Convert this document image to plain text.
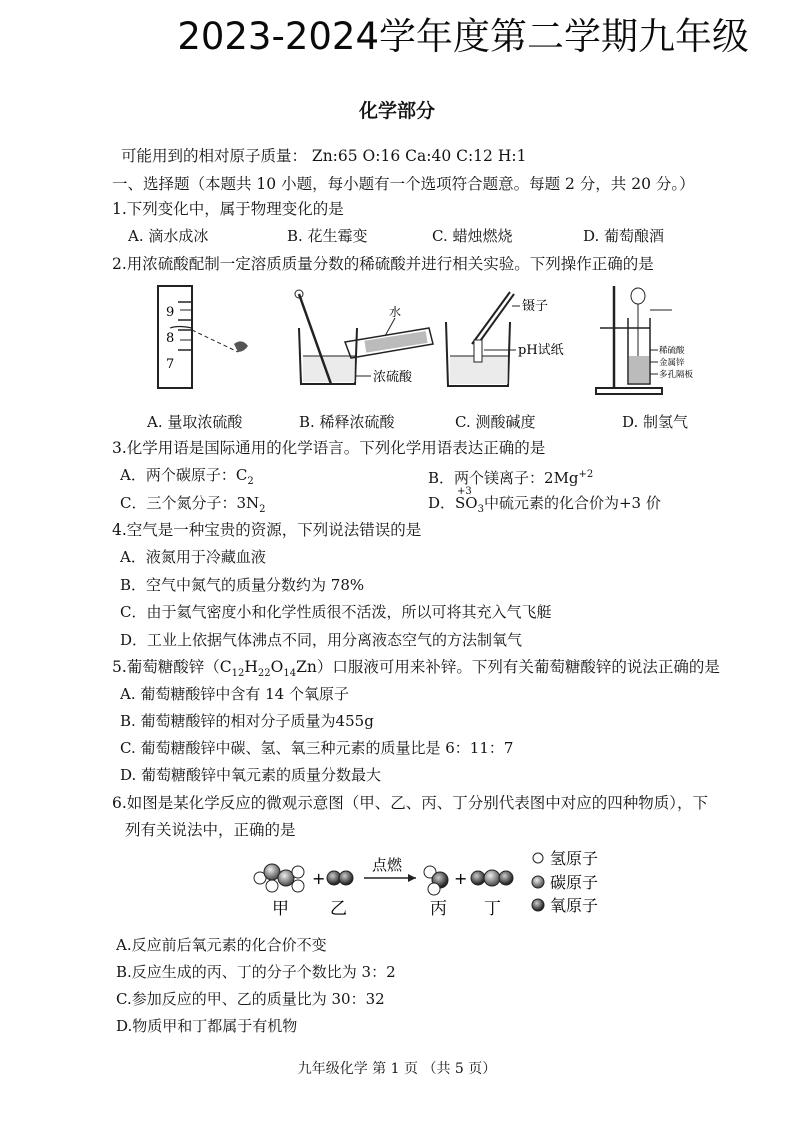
2023-2024学年度第二学期九年级
化学部分
可能用到的相对原子质量： Zn:65 O:16 Ca:40 C:12 H:1
一、选择题（本题共 10 小题，每小题有一个选项符合题意。每题 2 分，共 20 分。）
1.下列变化中，属于物理变化的是
A. 滴水成冰	B. 花生霉变	C. 蜡烛燃烧	D. 葡萄酿酒
2.用浓硫酸配制一定溶质质量分数的稀硫酸并进行相关实验。下列操作正确的是
9
8
7
水
浓硫酸
镊子
pH试纸	稀硫酸
金属锌
多孔隔板
A. 量取浓硫酸	B. 稀释浓硫酸	C. 测酸碱度	D. 制氢气
3.化学用语是国际通用的化学语言。下列化学用语表达正确的是
A．两个碳原子：$C_2$	B．两个镁离子：$2Mg^{+2}$
C．三个氮分子：$3N_2$	D．
+3
$SO_3$中硫元素的化合价为+3 价
4.空气是一种宝贵的资源，下列说法错误的是
A．液氮用于冷藏血液
B．空气中氮气的质量分数约为 78%
C．由于氦气密度小和化学性质很不活泼，所以可将其充入气飞艇
D．工业上依据气体沸点不同，用分离液态空气的方法制氧气
5.葡萄糖酸锌$(C_{12}H_{22}O_{14}Zn)$口服液可用来补锌。下列有关葡萄糖酸锌的说法正确的是
A. 葡萄糖酸锌中含有 14 个氧原子
B. 葡萄糖酸锌的相对分子质量为455g
C. 葡萄糖酸锌中碳、氢、氧三种元素的质量比是 6：11：7
D. 葡萄糖酸锌中氧元素的质量分数最大
6.如图是某化学反应的微观示意图（甲、乙、丙、丁分别代表图中对应的四种物质），下
列有关说法中，正确的是
+
点燃
+
甲 乙	丙 丁
氢原子
碳原子
氧原子
A.反应前后氧元素的化合价不变
B.反应生成的丙、丁的分子个数比为 3：2
C.参加反应的甲、乙的质量比为 30：32
D.物质甲和丁都属于有机物
九年级化学 第 1 页 （共 5 页）
